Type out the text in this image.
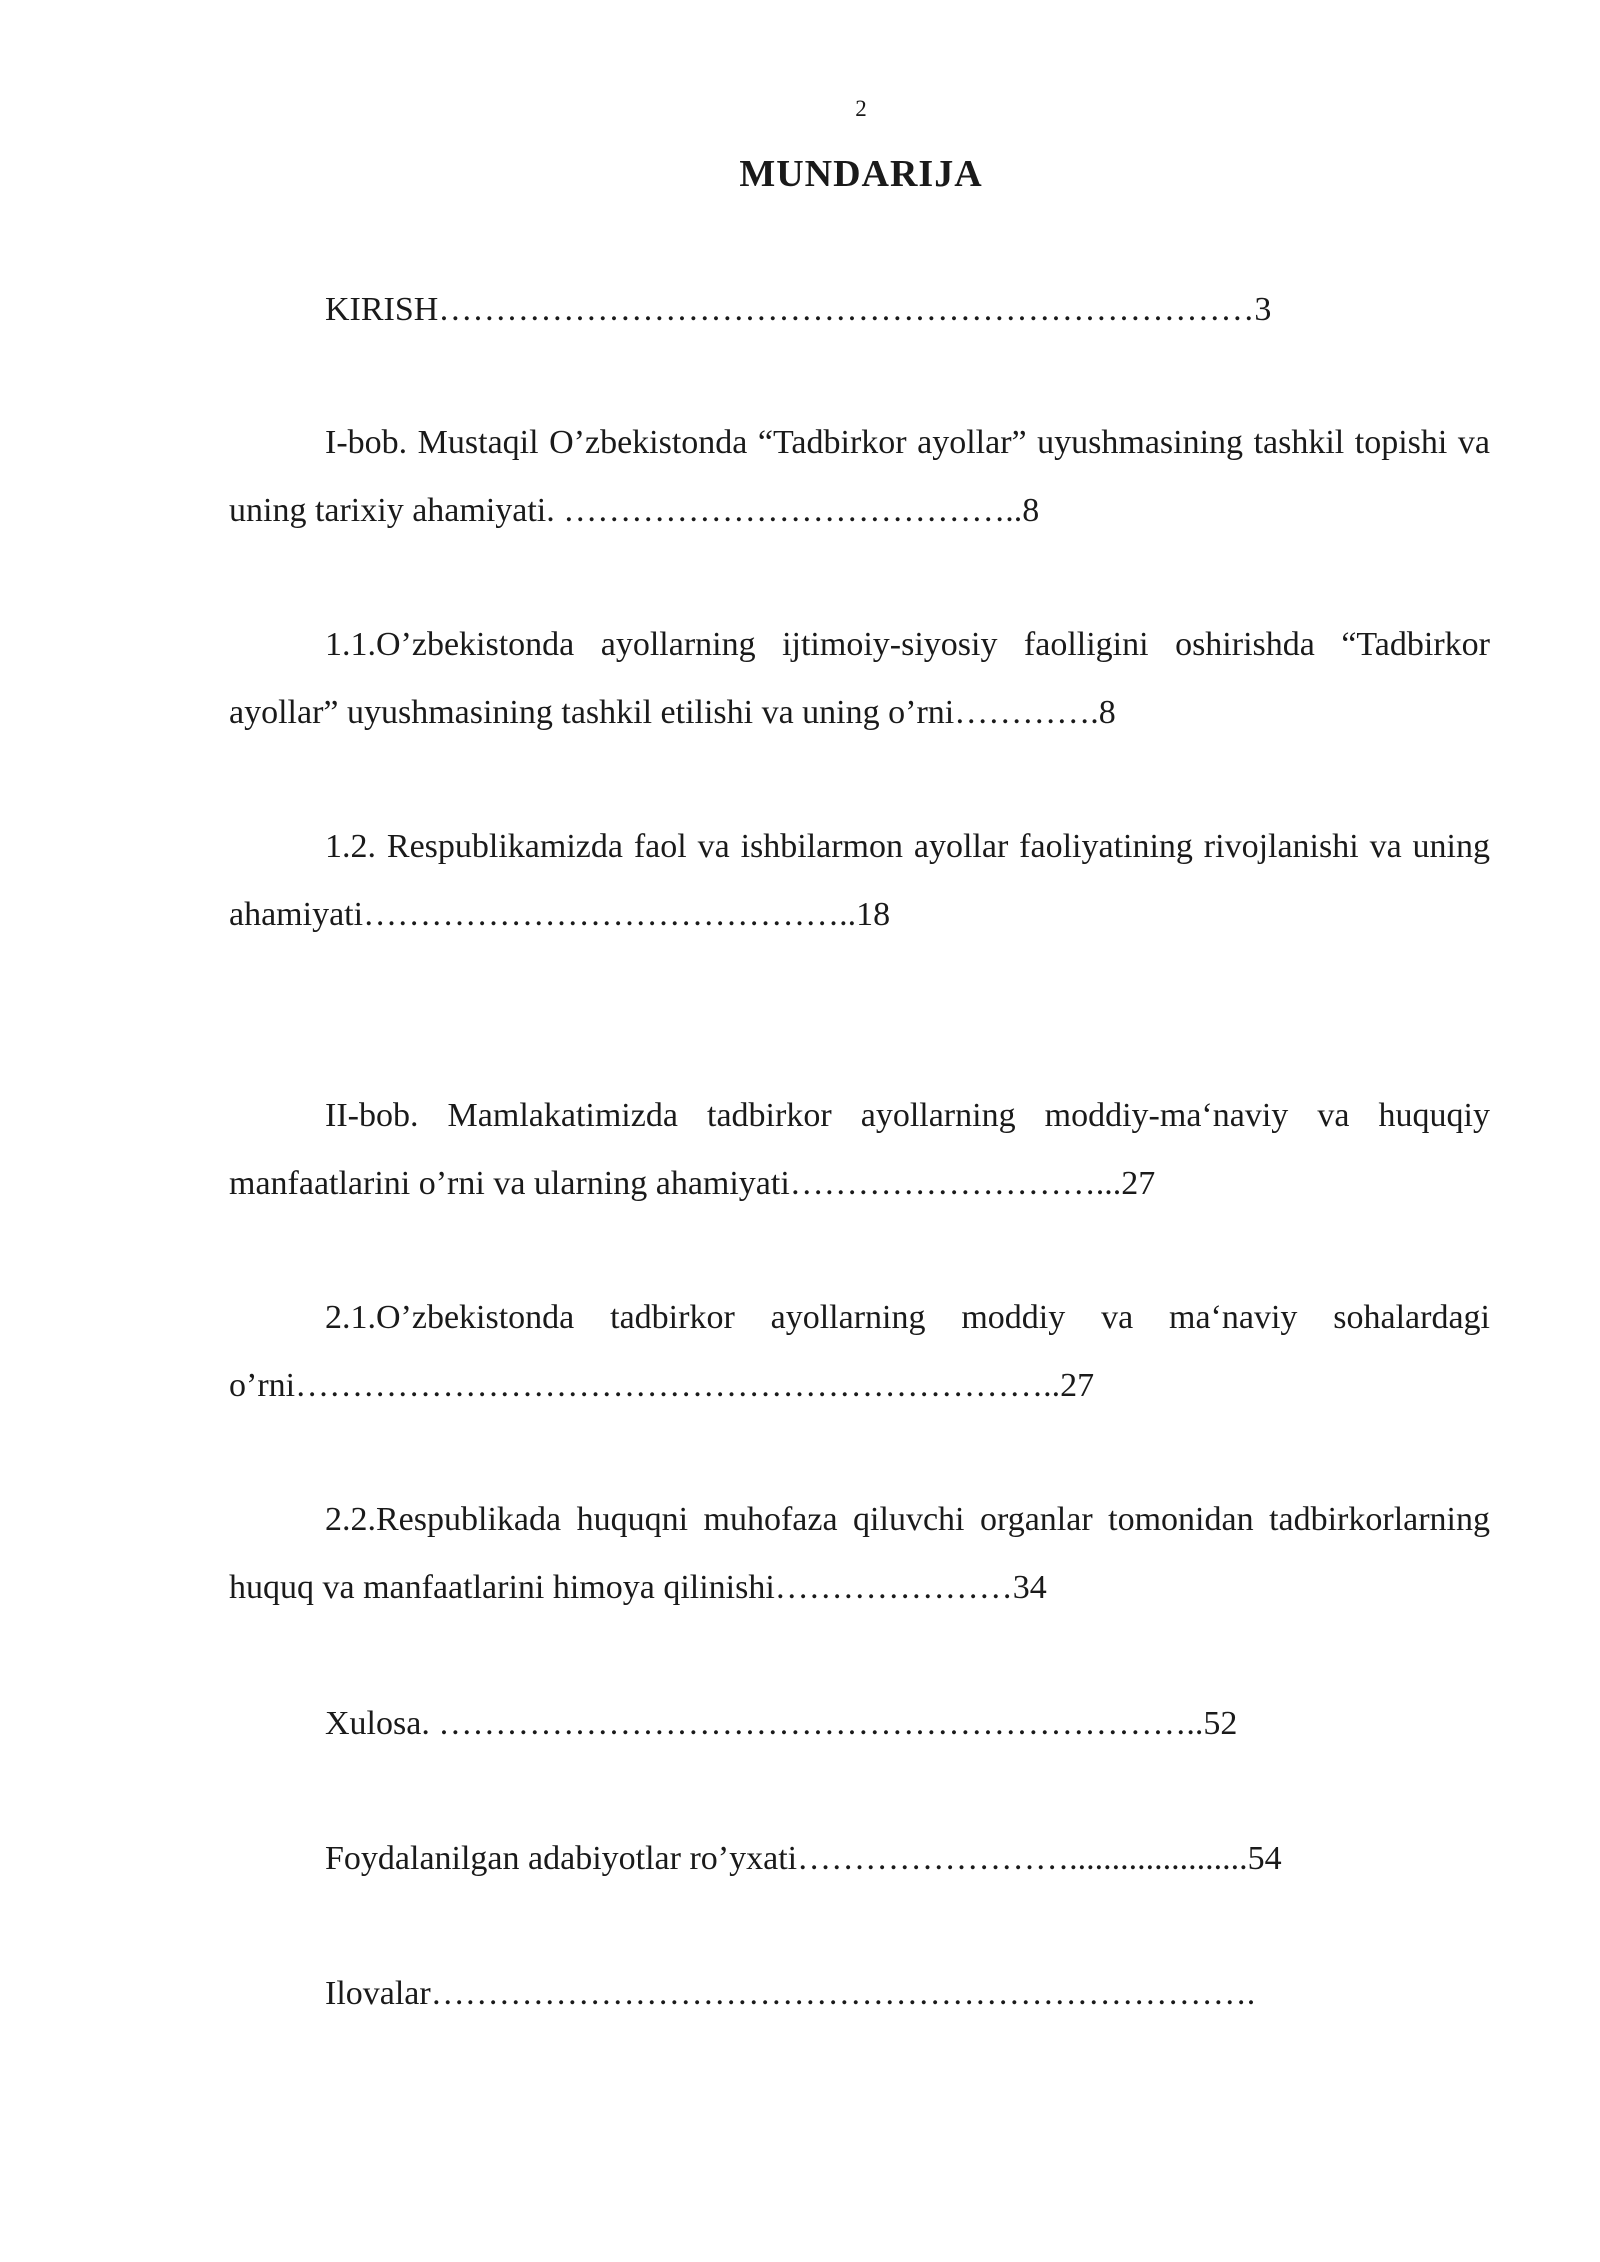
2
MUNDARIJA
KIRISH………………………………………………………………3
I-bob. Mustaqil O’zbekistonda “Tadbirkor ayollar” uyushmasining tashkil topishi va uning tarixiy ahamiyati. …………………………………..8
1.1.O’zbekistonda ayollarning ijtimoiy-siyosiy faolligini oshirishda “Tadbirkor ayollar” uyushmasining tashkil etilishi va uning o’rni………….8
1.2. Respublikamizda faol va ishbilarmon ayollar faoliyatining rivojlanishi va uning ahamiyati……………………………………..18
II-bob. Mamlakatimizda tadbirkor ayollarning moddiy-ma‘naviy va huquqiy manfaatlarini o’rni va ularning ahamiyati………………………...27
2.1.O’zbekistonda tadbirkor ayollarning moddiy va ma‘naviy sohalardagi o’rni…………………………………………………………..27
2.2.Respublikada huquqni muhofaza qiluvchi organlar tomonidan tadbirkorlarning huquq va manfaatlarini himoya qilinishi…………………34
Xulosa. …………………………………………………………..52
Foydalanilgan adabiyotlar ro’yxati…………………….....................54
Ilovalar……………………………………………………………….
